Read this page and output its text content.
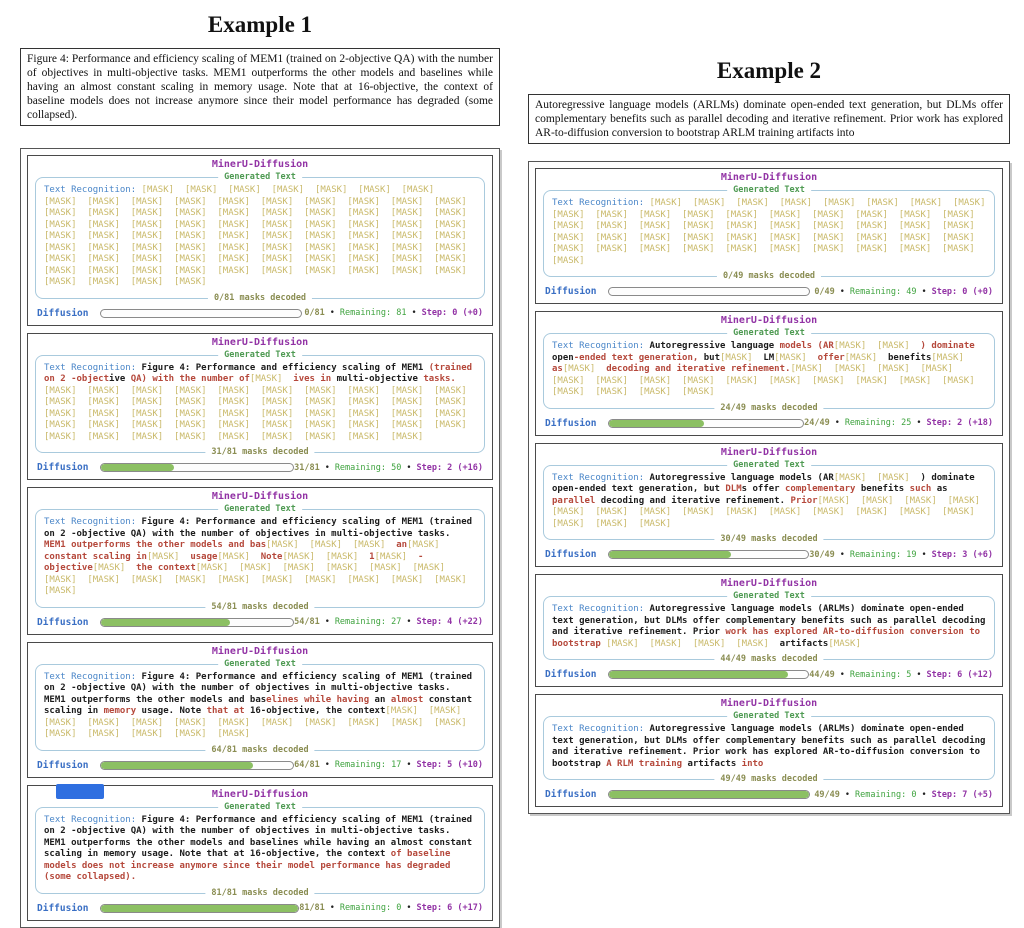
Example 1
Figure 4: Performance and efficiency scaling of MEM1 (trained on 2-objective QA) with the number of objectives in multi-objective tasks. MEM1 outperforms the other models and baselines while having an almost constant scaling in memory usage. Note that at 16-objective, the context of baseline models does not increase anymore since their model performance has degraded (some collapsed).
MinerU-Diffusion
Generated Text
Text Recognition: [MASK]  [MASK]  [MASK]  [MASK]  [MASK]  [MASK]  [MASK]  [MASK]  [MASK]  [MASK]  [MASK]  [MASK]  [MASK]  [MASK]  [MASK]  [MASK]  [MASK]  [MASK]  [MASK]  [MASK]  [MASK]  [MASK]  [MASK]  [MASK]  [MASK]  [MASK]  [MASK]  [MASK]  [MASK]  [MASK]  [MASK]  [MASK]  [MASK]  [MASK]  [MASK]  [MASK]  [MASK]  [MASK]  [MASK]  [MASK]  [MASK]  [MASK]  [MASK]  [MASK]  [MASK]  [MASK]  [MASK]  [MASK]  [MASK]  [MASK]  [MASK]  [MASK]  [MASK]  [MASK]  [MASK]  [MASK]  [MASK]  [MASK]  [MASK]  [MASK]  [MASK]  [MASK]  [MASK]  [MASK]  [MASK]  [MASK]  [MASK]  [MASK]  [MASK]  [MASK]  [MASK]  [MASK]  [MASK]  [MASK]  [MASK]  [MASK]  [MASK]  [MASK]  [MASK]  [MASK]  [MASK]
0/81 masks decoded
Diffusion	0/81 • Remaining: 81 • Step: 0 (+0)
MinerU-Diffusion
Generated Text
Text Recognition: Figure 4: Performance and efficiency scaling of MEM1 (trained on 2 -objective QA) with the number of[MASK]  ives in multi-objective tasks.[MASK]  [MASK]  [MASK]  [MASK]  [MASK]  [MASK]  [MASK]  [MASK]  [MASK]  [MASK]  [MASK]  [MASK]  [MASK]  [MASK]  [MASK]  [MASK]  [MASK]  [MASK]  [MASK]  [MASK]  [MASK]  [MASK]  [MASK]  [MASK]  [MASK]  [MASK]  [MASK]  [MASK]  [MASK]  [MASK]  [MASK]  [MASK]  [MASK]  [MASK]  [MASK]  [MASK]  [MASK]  [MASK]  [MASK]  [MASK]  [MASK]  [MASK]  [MASK]  [MASK]  [MASK]  [MASK]  [MASK]  [MASK]  [MASK]
31/81 masks decoded
Diffusion	31/81 • Remaining: 50 • Step: 2 (+16)
MinerU-Diffusion
Generated Text
Text Recognition: Figure 4: Performance and efficiency scaling of MEM1 (trained on 2 -objective QA) with the number of objectives in multi-objective tasks. MEM1 outperforms the other models and bas[MASK]  [MASK]  [MASK]  an[MASK]  constant scaling in[MASK]  usage[MASK]  Note[MASK]  [MASK]  1[MASK]  -objective[MASK]  the context[MASK]  [MASK]  [MASK]  [MASK]  [MASK]  [MASK]  [MASK]  [MASK]  [MASK]  [MASK]  [MASK]  [MASK]  [MASK]  [MASK]  [MASK]  [MASK]  [MASK]
54/81 masks decoded
Diffusion	54/81 • Remaining: 27 • Step: 4 (+22)
MinerU-Diffusion
Generated Text
Text Recognition: Figure 4: Performance and efficiency scaling of MEM1 (trained on 2 -objective QA) with the number of objectives in multi-objective tasks. MEM1 outperforms the other models and baselines while having an almost constant scaling in memory usage. Note that at 16-objective, the context[MASK]  [MASK]  [MASK]  [MASK]  [MASK]  [MASK]  [MASK]  [MASK]  [MASK]  [MASK]  [MASK]  [MASK]  [MASK]  [MASK]  [MASK]  [MASK]  [MASK]
64/81 masks decoded
Diffusion	64/81 • Remaining: 17 • Step: 5 (+10)
MinerU-Diffusion
Generated Text
Text Recognition: Figure 4: Performance and efficiency scaling of MEM1 (trained on 2 -objective QA) with the number of objectives in multi-objective tasks. MEM1 outperforms the other models and baselines while having an almost constant scaling in memory usage. Note that at 16-objective, the context of baseline models does not increase anymore since their model performance has degraded (some collapsed).
81/81 masks decoded
Diffusion	81/81 • Remaining: 0 • Step: 6 (+17)
Example 2
Autoregressive language models (ARLMs) dominate open-ended text generation, but DLMs offer complementary benefits such as parallel decoding and iterative refinement. Prior work has explored AR-to-diffusion conversion to bootstrap ARLM training artifacts into
MinerU-Diffusion
Generated Text
Text Recognition: [MASK]  [MASK]  [MASK]  [MASK]  [MASK]  [MASK]  [MASK]  [MASK]  [MASK]  [MASK]  [MASK]  [MASK]  [MASK]  [MASK]  [MASK]  [MASK]  [MASK]  [MASK]  [MASK]  [MASK]  [MASK]  [MASK]  [MASK]  [MASK]  [MASK]  [MASK]  [MASK]  [MASK]  [MASK]  [MASK]  [MASK]  [MASK]  [MASK]  [MASK]  [MASK]  [MASK]  [MASK]  [MASK]  [MASK]  [MASK]  [MASK]  [MASK]  [MASK]  [MASK]  [MASK]  [MASK]  [MASK]  [MASK]  [MASK]
0/49 masks decoded
Diffusion	0/49 • Remaining: 49 • Step: 0 (+0)
MinerU-Diffusion
Generated Text
Text Recognition: Autoregressive language models (AR[MASK]  [MASK]  ) dominate open-ended text generation, but[MASK]  LM[MASK]  offer[MASK]  benefits[MASK]  as[MASK]  decoding and iterative refinement.[MASK]  [MASK]  [MASK]  [MASK]  [MASK]  [MASK]  [MASK]  [MASK]  [MASK]  [MASK]  [MASK]  [MASK]  [MASK]  [MASK]  [MASK]  [MASK]  [MASK]  [MASK]
24/49 masks decoded
Diffusion	24/49 • Remaining: 25 • Step: 2 (+18)
MinerU-Diffusion
Generated Text
Text Recognition: Autoregressive language models (AR[MASK]  [MASK]  ) dominate open-ended text generation, but DLMs offer complementary benefits such as parallel decoding and iterative refinement. Prior[MASK]  [MASK]  [MASK]  [MASK]  [MASK]  [MASK]  [MASK]  [MASK]  [MASK]  [MASK]  [MASK]  [MASK]  [MASK]  [MASK]  [MASK]  [MASK]  [MASK]
30/49 masks decoded
Diffusion	30/49 • Remaining: 19 • Step: 3 (+6)
MinerU-Diffusion
Generated Text
Text Recognition: Autoregressive language models (ARLMs) dominate open-ended text generation, but DLMs offer complementary benefits such as parallel decoding and iterative refinement. Prior work has explored AR-to-diffusion conversion to bootstrap [MASK]  [MASK]  [MASK]  [MASK]  artifacts[MASK]
44/49 masks decoded
Diffusion	44/49 • Remaining: 5 • Step: 6 (+12)
MinerU-Diffusion
Generated Text
Text Recognition: Autoregressive language models (ARLMs) dominate open-ended text generation, but DLMs offer complementary benefits such as parallel decoding and iterative refinement. Prior work has explored AR-to-diffusion conversion to bootstrap A RLM training artifacts into
49/49 masks decoded
Diffusion	49/49 • Remaining: 0 • Step: 7 (+5)
